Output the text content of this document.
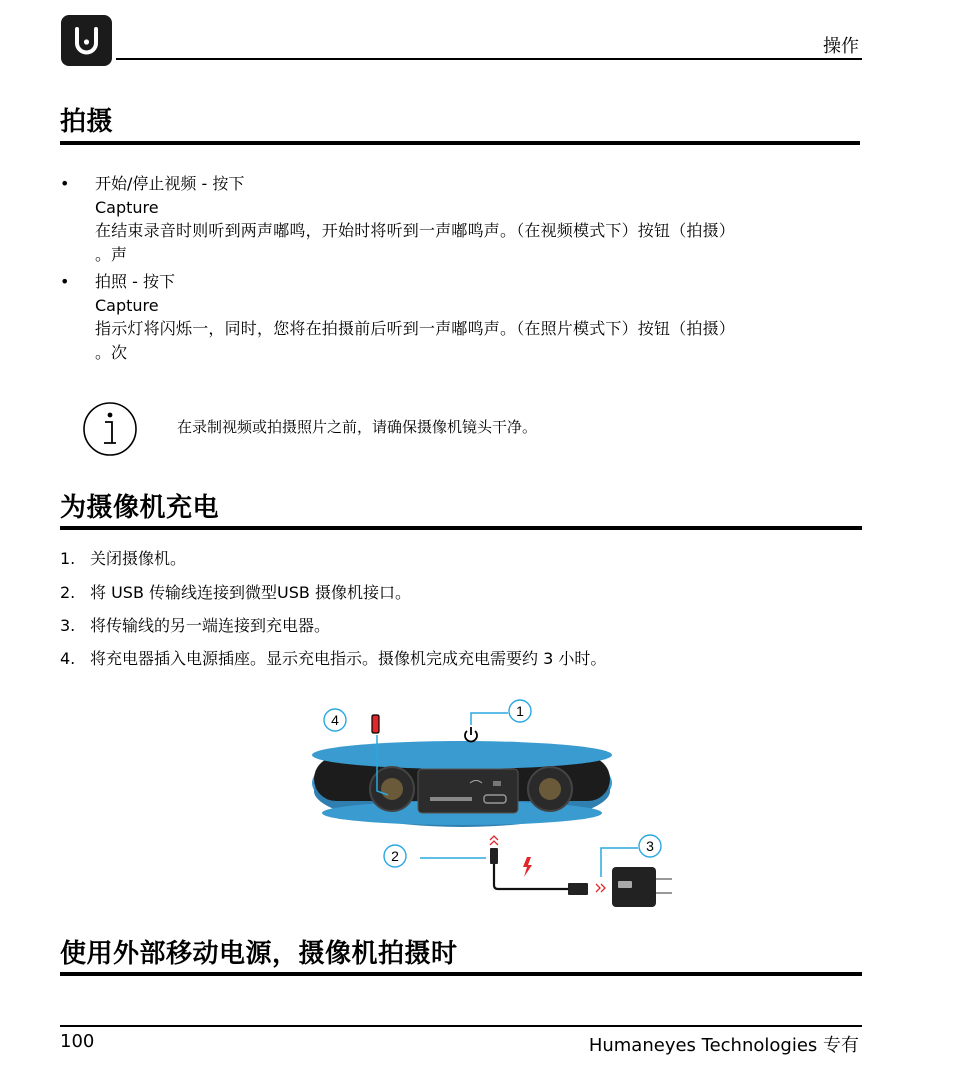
操作
拍摄
• 开始/停止视频 - 按下
Capture
在结束录音时则听到两声嘟鸣，开始时将听到一声嘟鸣声。（在视频模式下）按钮（拍摄）
。声
• 拍照 - 按下
Capture
指示灯将闪烁一，同时，您将在拍摄前后听到一声嘟鸣声。（在照片模式下）按钮（拍摄）
。次
在录制视频或拍摄照片之前，请确保摄像机镜头干净。
为摄像机充电
1. 关闭摄像机。
2. 将 USB 传输线连接到微型USB 摄像机接口。
3. 将传输线的另一端连接到充电器。
4. 将充电器插入电源插座。显示充电指示。摄像机完成充电需要约 3 小时。
4
1
2
3
使用外部移动电源，摄像机拍摄时
100	Humaneyes Technologies 专有
